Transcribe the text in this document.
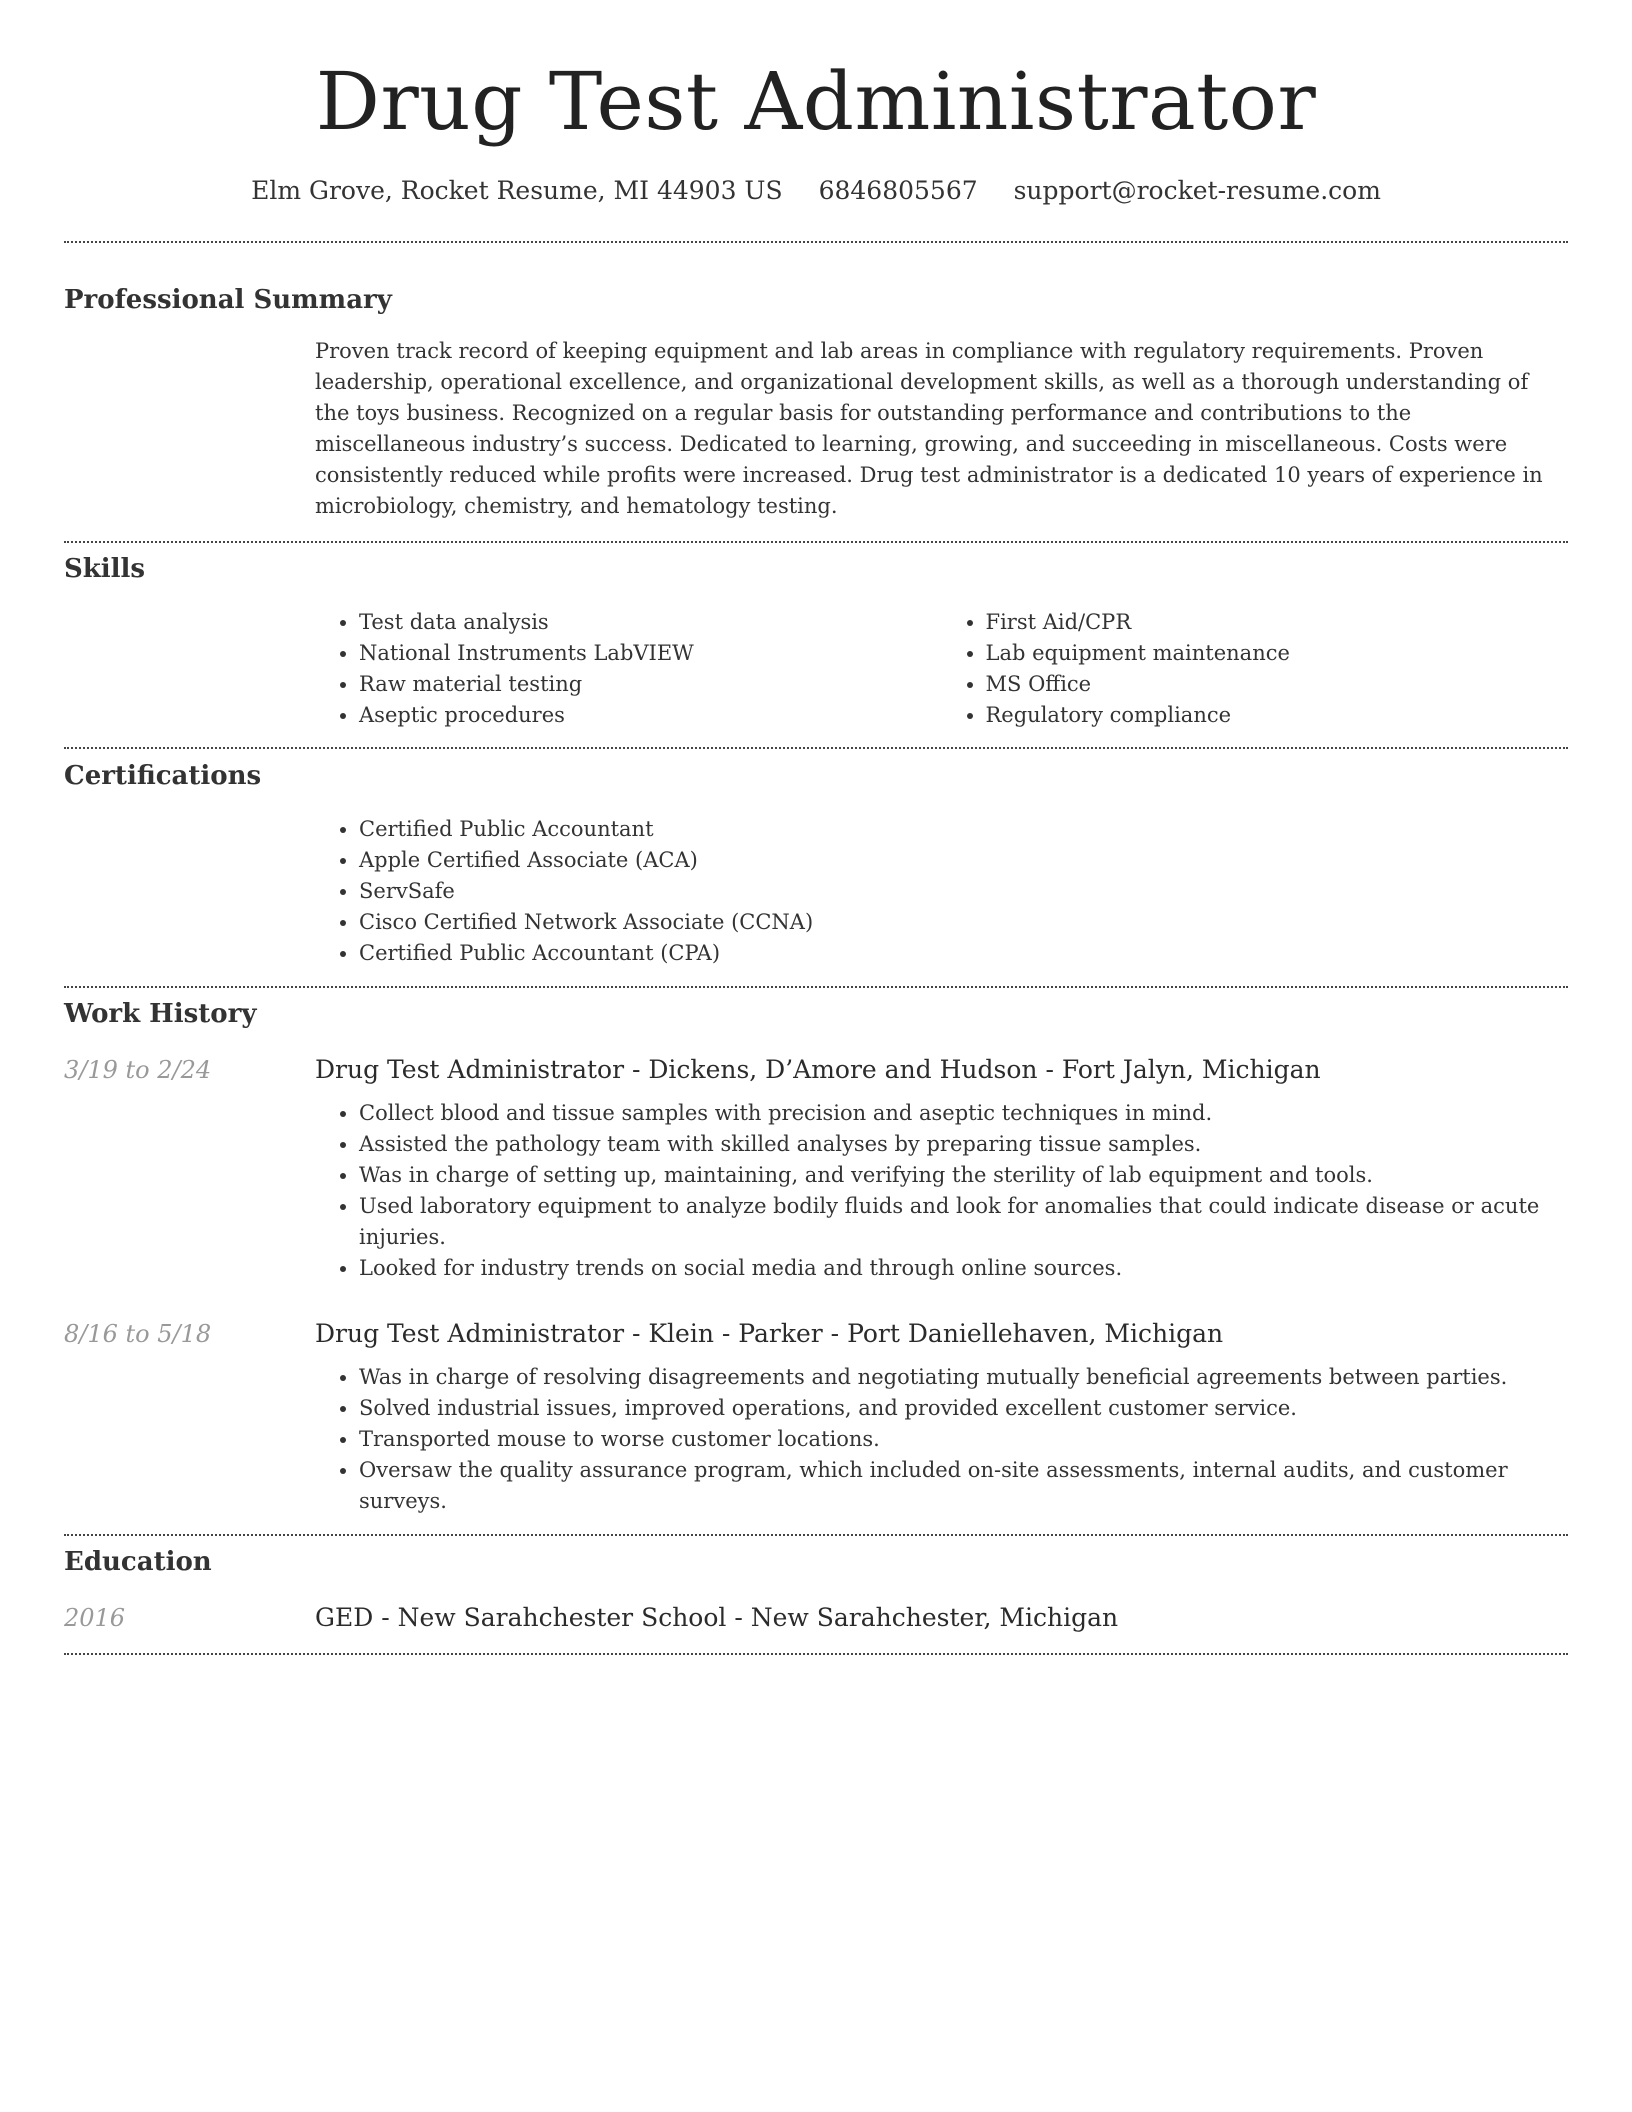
Drug Test Administrator
Elm Grove, Rocket Resume, MI 44903 US 6846805567 support@rocket-resume.com
Professional Summary
Proven track record of keeping equipment and lab areas in compliance with regulatory requirements. Proven leadership, operational excellence, and organizational development skills, as well as a thorough understanding of the toys business. Recognized on a regular basis for outstanding performance and contributions to the miscellaneous industry’s success. Dedicated to learning, growing, and succeeding in miscellaneous. Costs were consistently reduced while profits were increased. Drug test administrator is a dedicated 10 years of experience in microbiology, chemistry, and hematology testing.
Skills
• Test data analysis
• National Instruments LabVIEW
• Raw material testing
• Aseptic procedures
• First Aid/CPR
• Lab equipment maintenance
• MS Office
• Regulatory compliance
Certifications
• Certified Public Accountant
• Apple Certified Associate (ACA)
• ServSafe
• Cisco Certified Network Associate (CCNA)
• Certified Public Accountant (CPA)
Work History
3/19 to 2/24	Drug Test Administrator - Dickens, D’Amore and Hudson - Fort Jalyn, Michigan
• Collect blood and tissue samples with precision and aseptic techniques in mind.
• Assisted the pathology team with skilled analyses by preparing tissue samples.
• Was in charge of setting up, maintaining, and verifying the sterility of lab equipment and tools.
• Used laboratory equipment to analyze bodily fluids and look for anomalies that could indicate disease or acute injuries.
• Looked for industry trends on social media and through online sources.
8/16 to 5/18	Drug Test Administrator - Klein - Parker - Port Daniellehaven, Michigan
• Was in charge of resolving disagreements and negotiating mutually beneficial agreements between parties.
• Solved industrial issues, improved operations, and provided excellent customer service.
• Transported mouse to worse customer locations.
• Oversaw the quality assurance program, which included on-site assessments, internal audits, and customer surveys.
Education
2016	GED - New Sarahchester School - New Sarahchester, Michigan
